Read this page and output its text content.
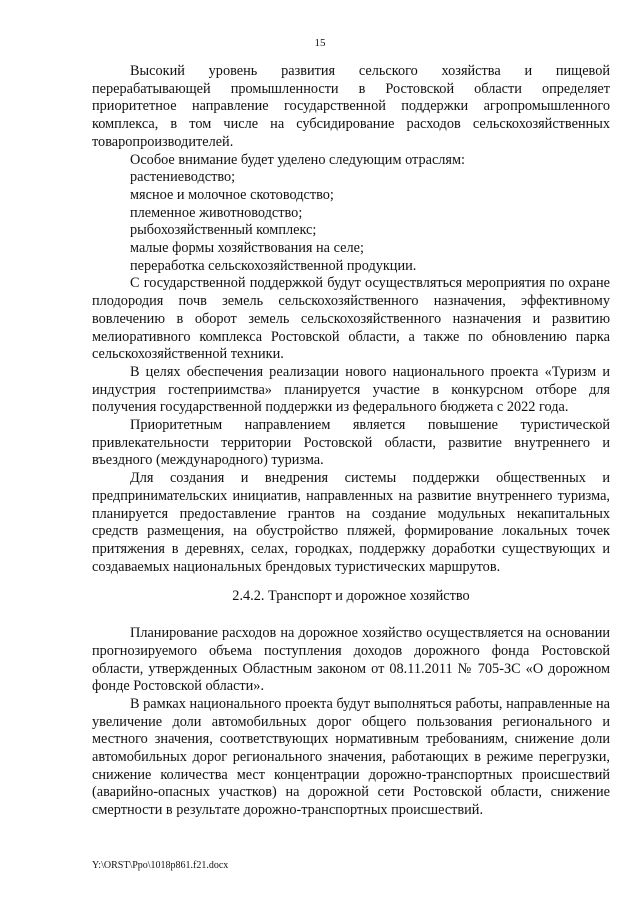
15

Высокий уровень развития сельского хозяйства и пищевой перерабатывающей промышленности в Ростовской области определяет приоритетное направление государственной поддержки агропромышленного комплекса, в том числе на субсидирование расходов сельскохозяйственных товаропроизводителей.

Особое внимание будет уделено следующим отраслям:

растениеводство;

мясное и молочное скотоводство;

племенное животноводство;

рыбохозяйственный комплекс;

малые формы хозяйствования на селе;

переработка сельскохозяйственной продукции.

С государственной поддержкой будут осуществляться мероприятия по охране плодородия почв земель сельскохозяйственного назначения, эффективному вовлечению в оборот земель сельскохозяйственного назначения и развитию мелиоративного комплекса Ростовской области, а также по обновлению парка сельскохозяйственной техники.

В целях обеспечения реализации нового национального проекта «Туризм и индустрия гостеприимства» планируется участие в конкурсном отборе для получения государственной поддержки из федерального бюджета с 2022 года.

Приоритетным направлением является повышение туристической привлекательности территории Ростовской области, развитие внутреннего и въездного (международного) туризма.

Для создания и внедрения системы поддержки общественных и предпринимательских инициатив, направленных на развитие внутреннего туризма, планируется предоставление грантов на создание модульных некапитальных средств размещения, на обустройство пляжей, формирование локальных точек притяжения в деревнях, селах, городках, поддержку доработки существующих и создаваемых национальных брендовых туристических маршрутов.

2.4.2. Транспорт и дорожное хозяйство

Планирование расходов на дорожное хозяйство осуществляется на основании прогнозируемого объема поступления доходов дорожного фонда Ростовской области, утвержденных Областным законом от 08.11.2011 № 705-ЗС «О дорожном фонде Ростовской области».

В рамках национального проекта будут выполняться работы, направленные на увеличение доли автомобильных дорог общего пользования регионального и местного значения, соответствующих нормативным требованиям, снижение доли автомобильных дорог регионального значения, работающих в режиме перегрузки, снижение количества мест концентрации дорожно-транспортных происшествий (аварийно-опасных участков) на дорожной сети Ростовской области, снижение смертности в результате дорожно-транспортных происшествий.

Y:\ORST\Ppo\1018p861.f21.docx
